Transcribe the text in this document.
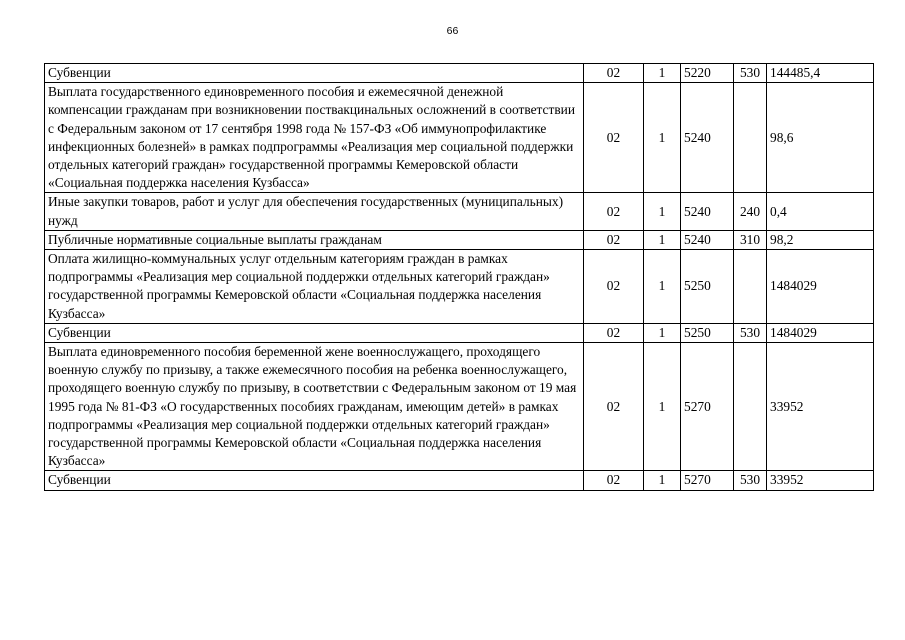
66
Субвенции	02	1	5220	530	144485,4
Выплата государственного единовременного пособия и ежемесячной денежной компенсации гражданам при возникновении поствакцинальных осложнений в соответствии с Федеральным законом от 17 сентября 1998 года № 157-ФЗ «Об иммунопрофилактике инфекционных болезней» в рамках подпрограммы «Реализация мер социальной поддержки отдельных категорий граждан» государственной программы Кемеровской области «Социальная поддержка населения Кузбасса»	02	1	5240		98,6
Иные закупки товаров, работ и услуг для обеспечения государственных (муниципальных) нужд	02	1	5240	240	0,4
Публичные нормативные социальные выплаты гражданам	02	1	5240	310	98,2
Оплата жилищно-коммунальных услуг отдельным категориям граждан в рамках подпрограммы «Реализация мер социальной поддержки отдельных категорий граждан» государственной программы Кемеровской области «Социальная поддержка населения Кузбасса»	02	1	5250		1484029
Субвенции	02	1	5250	530	1484029
Выплата единовременного пособия беременной жене военнослужащего, проходящего военную службу по призыву, а также ежемесячного пособия на ребенка военнослужащего, проходящего военную службу по призыву, в соответствии с Федеральным законом от 19 мая 1995 года № 81-ФЗ «О государственных пособиях гражданам, имеющим детей» в рамках подпрограммы «Реализация мер социальной поддержки отдельных категорий граждан» государственной программы Кемеровской области «Социальная поддержка населения Кузбасса»	02	1	5270		33952
Субвенции	02	1	5270	530	33952
